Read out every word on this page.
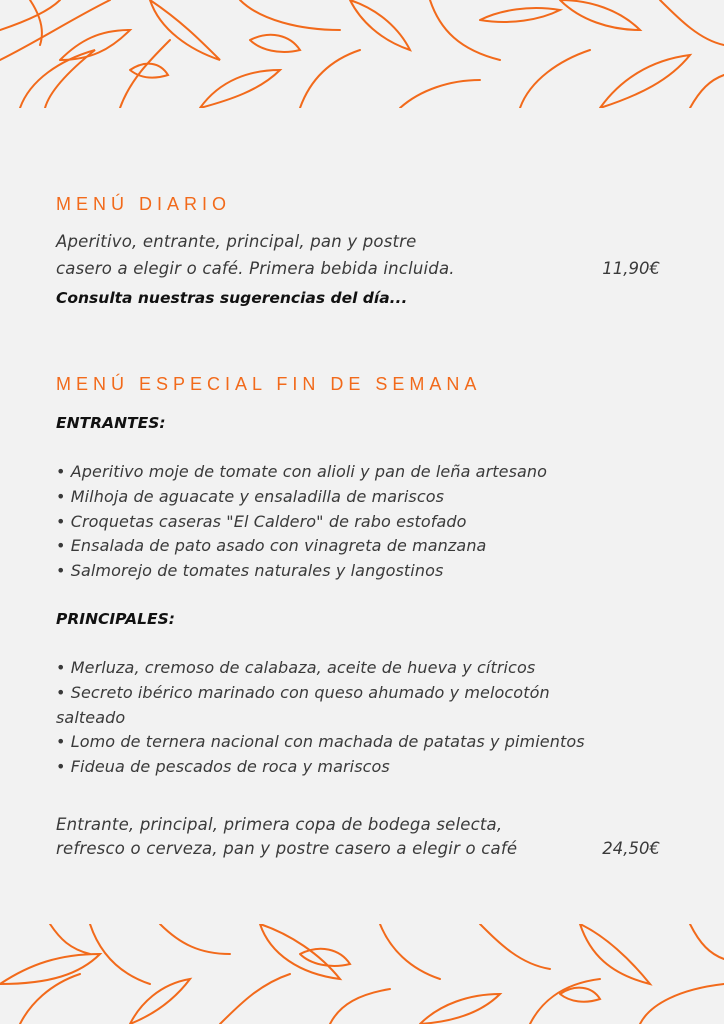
MENÚ DIARIO
Aperitivo, entrante, principal, pan y postre
casero a elegir o café. Primera bebida incluida.	11,90€
Consulta nuestras sugerencias del día...
MENÚ ESPECIAL FIN DE SEMANA
ENTRANTES:
• Aperitivo moje de tomate con alioli y pan de leña artesano
• Milhoja de aguacate y ensaladilla de mariscos
• Croquetas caseras "El Caldero" de rabo estofado
• Ensalada de pato asado con vinagreta de manzana
• Salmorejo de tomates naturales y langostinos
PRINCIPALES:
• Merluza, cremoso de calabaza, aceite de hueva y cítricos
• Secreto ibérico marinado con queso ahumado y melocotón
salteado
• Lomo de ternera nacional con machada de patatas y pimientos
• Fideua de pescados de roca y mariscos
Entrante, principal, primera copa de bodega selecta,
refresco o cerveza, pan y postre casero a elegir o café	24,50€
